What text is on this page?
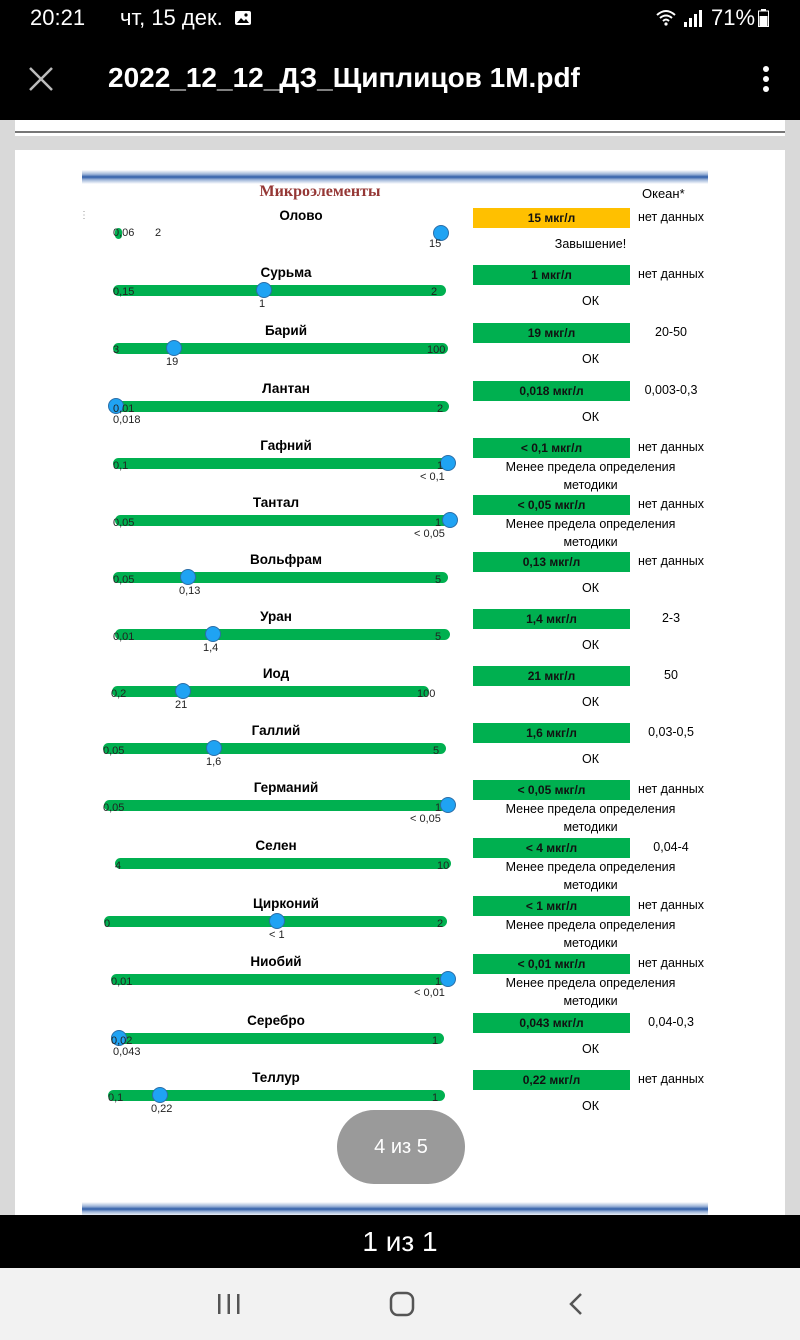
20:21 чт, 15 дек.	71%
2022_12_12_ДЗ_Щиплицов 1М.pdf
Микроэлементы	Океан*
⋮	Олово
0,06 2
15
15 мкг/л	нет данных
Завышение!
Сурьма
0,15	2
1
1 мкг/л	нет данных
ОК
Барий
3	100
19
19 мкг/л	20-50
ОК
Лантан
0,01	2
0,018
0,018 мкг/л	0,003-0,3
ОК
Гафний
0,1	1
< 0,1
< 0,1 мкг/л	нет данных
Менее предела определения методики
Тантал
0,05	1
< 0,05
< 0,05 мкг/л	нет данных
Менее предела определения методики
Вольфрам
0,05	5
0,13
0,13 мкг/л	нет данных
ОК
Уран
0,01	5
1,4
1,4 мкг/л	2-3
ОК
Иод
0,2	100
21
21 мкг/л	50
ОК
Галлий
0,05	5
1,6
1,6 мкг/л	0,03-0,5
ОК
Германий
0,05	1
< 0,05
< 0,05 мкг/л	нет данных
Менее предела определения методики
Селен
4	10
< 4 мкг/л	0,04-4
Менее предела определения методики
Цирконий
0	2
< 1
< 1 мкг/л	нет данных
Менее предела определения методики
Ниобий
0,01	1
< 0,01
< 0,01 мкг/л	нет данных
Менее предела определения методики
Серебро
0,02	1
0,043
0,043 мкг/л	0,04-0,3
ОК
Теллур
0,1	1
0,22
0,22 мкг/л	нет данных
ОК
4 из 5
1 из 1
